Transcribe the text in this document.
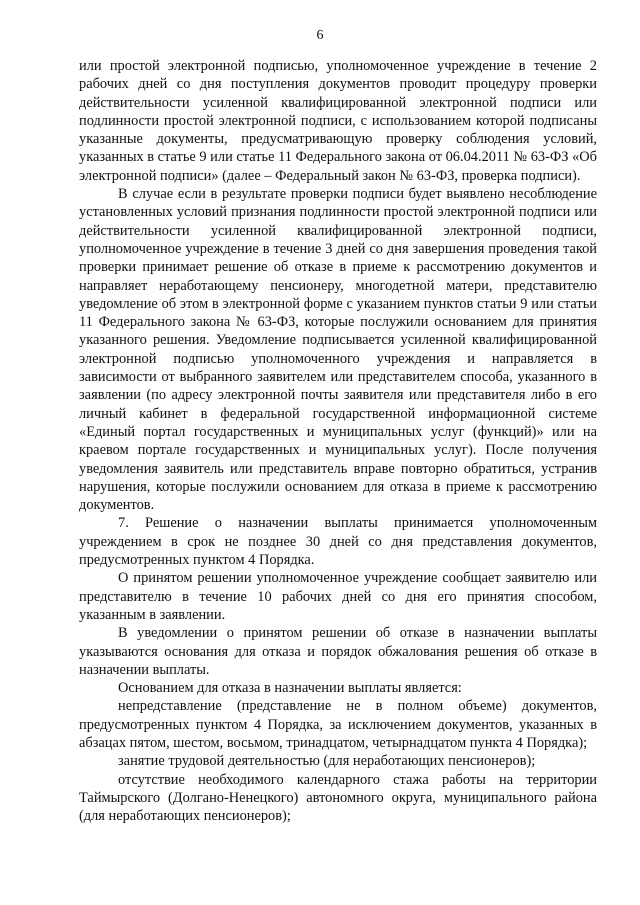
6

или простой электронной подписью, уполномоченное учреждение в течение 2 рабочих дней со дня поступления документов проводит процедуру проверки действительности усиленной квалифицированной электронной подписи или подлинности простой электронной подписи, с использованием которой подписаны указанные документы, предусматривающую проверку соблюдения условий, указанных в статье 9 или статье 11 Федерального закона от 06.04.2011 № 63-ФЗ «Об электронной подписи» (далее – Федеральный закон № 63-ФЗ, проверка подписи).

В случае если в результате проверки подписи будет выявлено несоблюдение установленных условий признания подлинности простой электронной подписи или действительности усиленной квалифицированной электронной подписи, уполномоченное учреждение в течение 3 дней со дня завершения проведения такой проверки принимает решение об отказе в приеме к рассмотрению документов и направляет неработающему пенсионеру, многодетной матери, представителю уведомление об этом в электронной форме с указанием пунктов статьи 9 или статьи 11 Федерального закона № 63-ФЗ, которые послужили основанием для принятия указанного решения. Уведомление подписывается усиленной квалифицированной электронной подписью уполномоченного учреждения и направляется в зависимости от выбранного заявителем или представителем способа, указанного в заявлении (по адресу электронной почты заявителя или представителя либо в его личный кабинет в федеральной государственной информационной системе «Единый портал государственных и муниципальных услуг (функций)» или на краевом портале государственных и муниципальных услуг). После получения уведомления заявитель или представитель вправе повторно обратиться, устранив нарушения, которые послужили основанием для отказа в приеме к рассмотрению документов.

7. Решение о назначении выплаты принимается уполномоченным учреждением в срок не позднее 30 дней со дня представления документов, предусмотренных пунктом 4 Порядка.

О принятом решении уполномоченное учреждение сообщает заявителю или представителю в течение 10 рабочих дней со дня его принятия способом, указанным в заявлении.

В уведомлении о принятом решении об отказе в назначении выплаты указываются основания для отказа и порядок обжалования решения об отказе в назначении выплаты.

Основанием для отказа в назначении выплаты является:

непредставление (представление не в полном объеме) документов, предусмотренных пунктом 4 Порядка, за исключением документов, указанных в абзацах пятом, шестом, восьмом, тринадцатом, четырнадцатом пункта 4 Порядка);

занятие трудовой деятельностью (для неработающих пенсионеров);

отсутствие необходимого календарного стажа работы на территории Таймырского (Долгано-Ненецкого) автономного округа, муниципального района (для неработающих пенсионеров);
